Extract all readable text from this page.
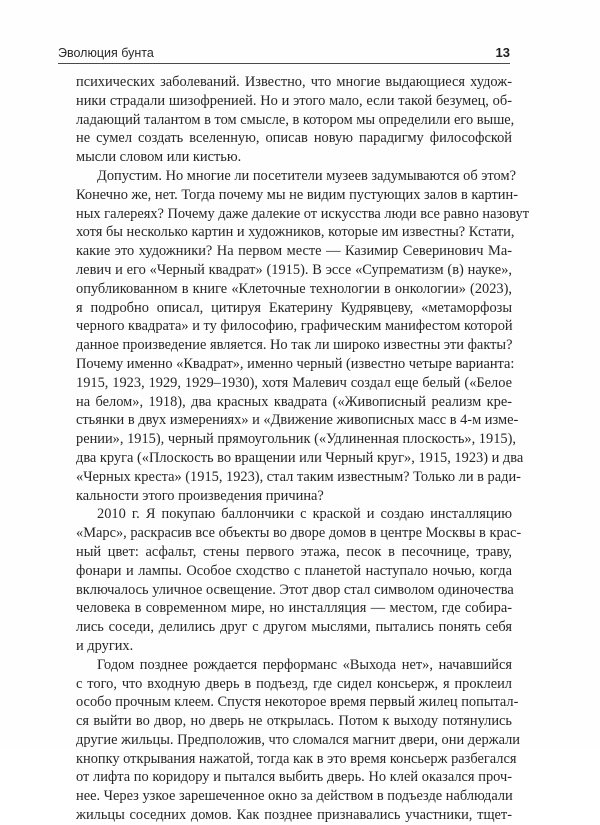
Эволюция бунта	13
психических заболеваний. Известно, что многие выдающиеся худож-
ники страдали шизофренией. Но и этого мало, если такой безумец, об-
ладающий талантом в том смысле, в котором мы определили его выше,
не сумел создать вселенную, описав новую парадигму философской
мысли словом или кистью.
Допустим. Но многие ли посетители музеев задумываются об этом?
Конечно же, нет. Тогда почему мы не видим пустующих залов в картин-
ных галереях? Почему даже далекие от искусства люди все равно назовут
хотя бы несколько картин и художников, которые им известны? Кстати,
какие это художники? На первом месте — Казимир Северинович Ма-
левич и его «Черный квадрат» (1915). В эссе «Супрематизм (в) науке»,
опубликованном в книге «Клеточные технологии в онкологии» (2023),
я подробно описал, цитируя Екатерину Кудрявцеву, «метаморфозы
черного квадрата» и ту философию, графическим манифестом которой
данное произведение является. Но так ли широко известны эти факты?
Почему именно «Квадрат», именно черный (известно четыре варианта:
1915, 1923, 1929, 1929–1930), хотя Малевич создал еще белый («Белое
на белом», 1918), два красных квадрата («Живописный реализм кре-
стьянки в двух измерениях» и «Движение живописных масс в 4-м изме-
рении», 1915), черный прямоугольник («Удлиненная плоскость», 1915),
два круга («Плоскость во вращении или Черный круг», 1915, 1923) и два
«Черных креста» (1915, 1923), стал таким известным? Только ли в ради-
кальности этого произведения причина?
2010 г. Я покупаю баллончики с краской и создаю инсталляцию
«Марс», раскрасив все объекты во дворе домов в центре Москвы в крас-
ный цвет: асфальт, стены первого этажа, песок в песочнице, траву,
фонари и лампы. Особое сходство с планетой наступало ночью, когда
включалось уличное освещение. Этот двор стал символом одиночества
человека в современном мире, но инсталляция — местом, где собира-
лись соседи, делились друг с другом мыслями, пытались понять себя
и других.
Годом позднее рождается перформанс «Выхода нет», начавшийся
с того, что входную дверь в подъезд, где сидел консьерж, я проклеил
особо прочным клеем. Спустя некоторое время первый жилец попытал-
ся выйти во двор, но дверь не открылась. Потом к выходу потянулись
другие жильцы. Предположив, что сломался магнит двери, они держали
кнопку открывания нажатой, тогда как в это время консьерж разбегался
от лифта по коридору и пытался выбить дверь. Но клей оказался проч-
нее. Через узкое зарешеченное окно за действом в подъезде наблюдали
жильцы соседних домов. Как позднее признавались участники, тщет-
